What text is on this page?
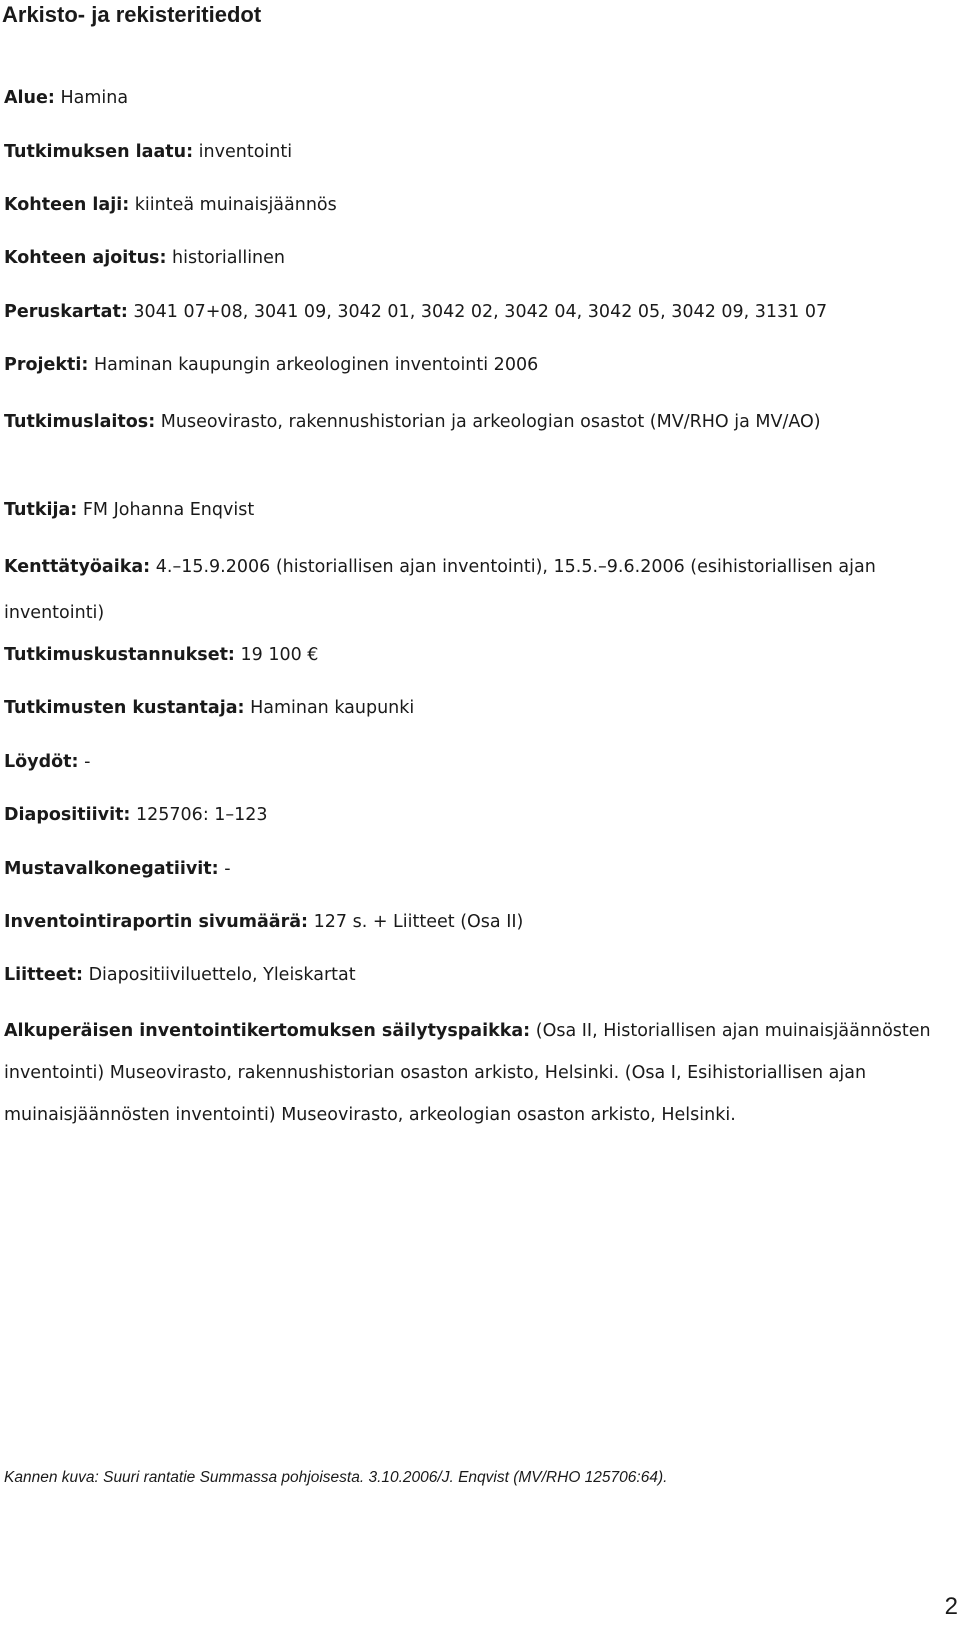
Arkisto- ja rekisteritiedot

Alue: Hamina

Tutkimuksen laatu: inventointi

Kohteen laji: kiinteä muinaisjäännös

Kohteen ajoitus: historiallinen

Peruskartat: 3041 07+08, 3041 09, 3042 01, 3042 02, 3042 04, 3042 05, 3042 09, 3131 07

Projekti: Haminan kaupungin arkeologinen inventointi 2006

Tutkimuslaitos: Museovirasto, rakennushistorian ja arkeologian osastot (MV/RHO ja MV/AO)

Tutkija: FM Johanna Enqvist

Kenttätyöaika: 4.–15.9.2006 (historiallisen ajan inventointi), 15.5.–9.6.2006 (esihistoriallisen ajan inventointi)

Tutkimuskustannukset: 19 100 €

Tutkimusten kustantaja: Haminan kaupunki

Löydöt: -

Diapositiivit: 125706: 1–123

Mustavalkonegatiivit: -

Inventointiraportin sivumäärä: 127 s. + Liitteet (Osa II)

Liitteet: Diapositiiviluettelo, Yleiskartat

Alkuperäisen inventointikertomuksen säilytyspaikka: (Osa II, Historiallisen ajan muinaisjäännösten inventointi) Museovirasto, rakennushistorian osaston arkisto, Helsinki. (Osa I, Esihistoriallisen ajan muinaisjäännösten inventointi) Museovirasto, arkeologian osaston arkisto, Helsinki.

Kannen kuva: Suuri rantatie Summassa pohjoisesta. 3.10.2006/J. Enqvist (MV/RHO 125706:64).

2
